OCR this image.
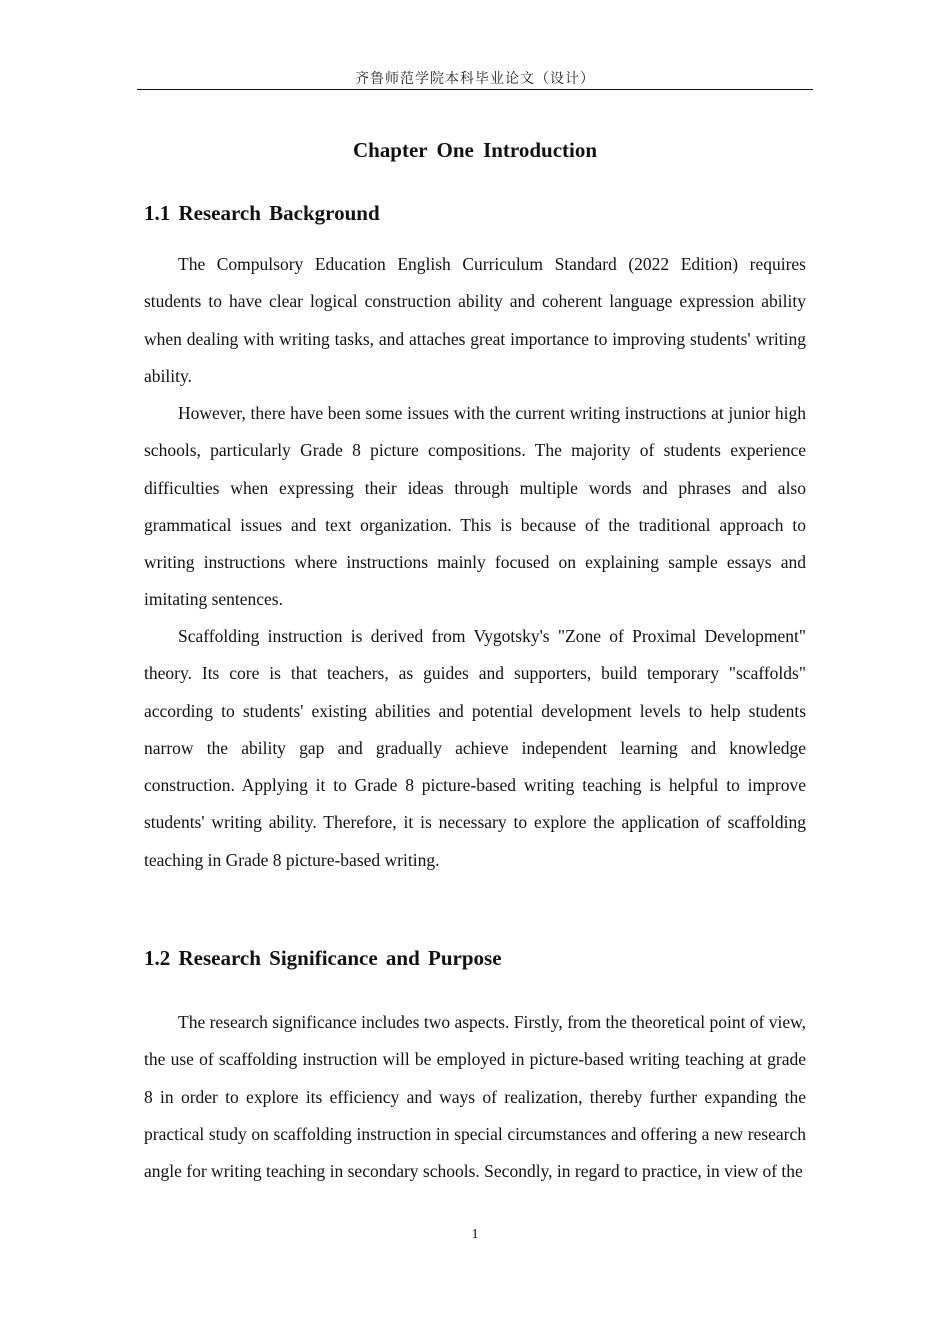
齐鲁师范学院本科毕业论文（设计）
Chapter One Introduction
1.1 Research Background

The Compulsory Education English Curriculum Standard (2022 Edition) requires students to have clear logical construction ability and coherent language expression ability when dealing with writing tasks, and attaches great importance to improving students' writing ability.

However, there have been some issues with the current writing instructions at junior high schools, particularly Grade 8 picture compositions. The majority of students experience difficulties when expressing their ideas through multiple words and phrases and also grammatical issues and text organization. This is because of the traditional approach to writing instructions where instructions mainly focused on explaining sample essays and imitating sentences.

Scaffolding instruction is derived from Vygotsky's "Zone of Proximal Development" theory. Its core is that teachers, as guides and supporters, build temporary "scaffolds" according to students' existing abilities and potential development levels to help students narrow the ability gap and gradually achieve independent learning and knowledge construction. Applying it to Grade 8 picture-based writing teaching is helpful to improve students' writing ability. Therefore, it is necessary to explore the application of scaffolding teaching in Grade 8 picture-based writing.

1.2 Research Significance and Purpose

The research significance includes two aspects. Firstly, from the theoretical point of view, the use of scaffolding instruction will be employed in picture-based writing teaching at grade 8 in order to explore its efficiency and ways of realization, thereby further expanding the practical study on scaffolding instruction in special circumstances and offering a new research angle for writing teaching in secondary schools. Secondly, in regard to practice, in view of the

1
